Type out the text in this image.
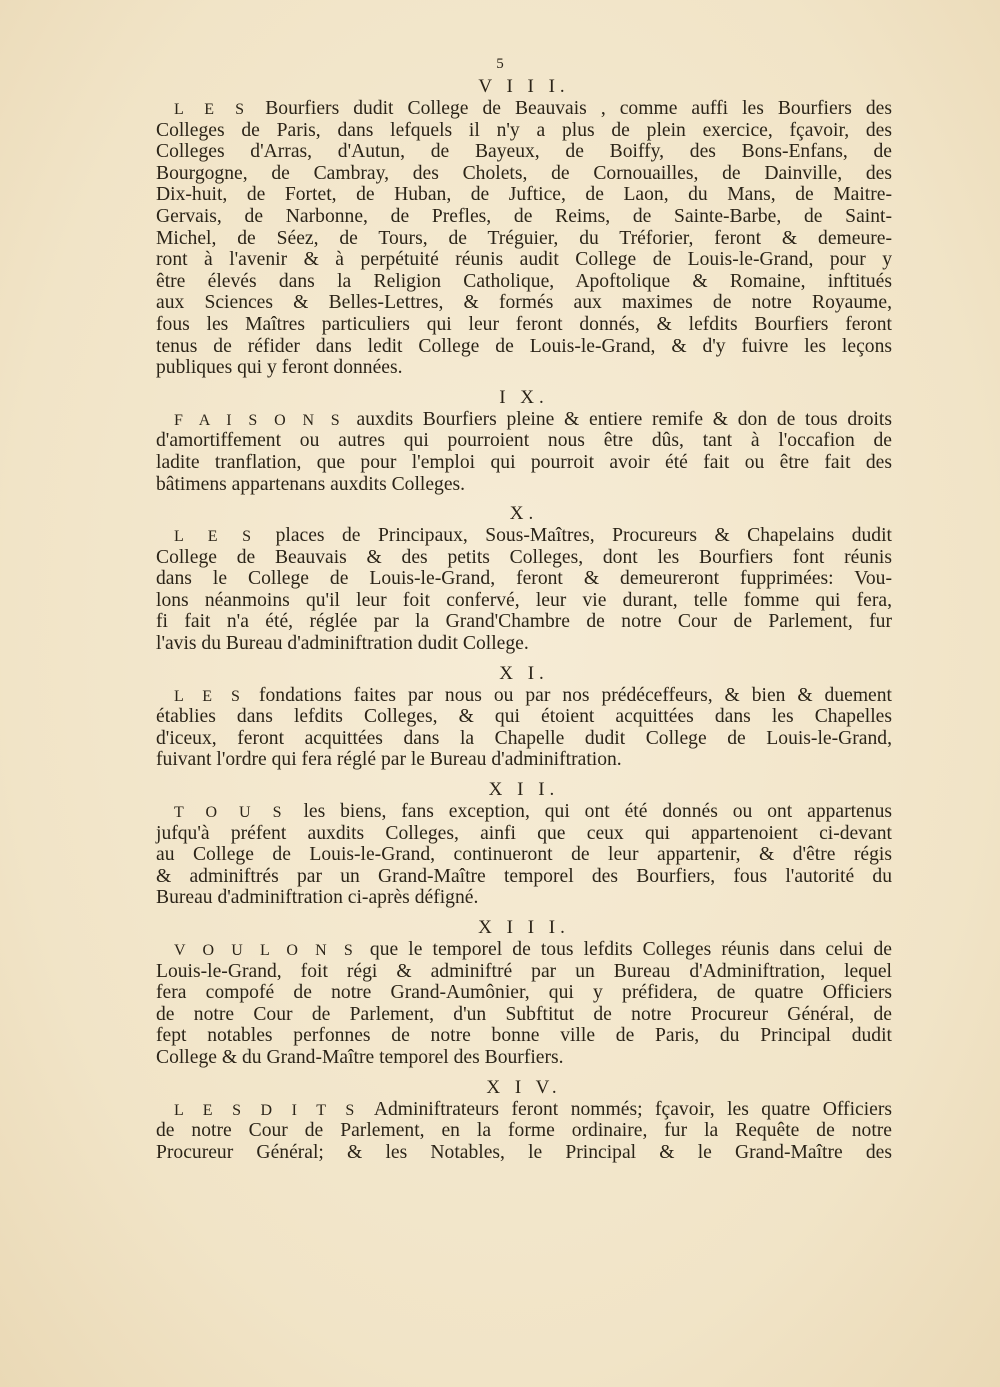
5
V I I I.
L E S Bourfiers dudit College de Beauvais , comme auffi les Bourfiers des
Colleges de Paris, dans lefquels il n'y a plus de plein exercice, fçavoir, des
Colleges d'Arras, d'Autun, de Bayeux, de Boiffy, des Bons-Enfans, de
Bourgogne, de Cambray, des Cholets, de Cornouailles, de Dainville, des
Dix-huit, de Fortet, de Huban, de Juftice, de Laon, du Mans, de Maitre-
Gervais, de Narbonne, de Prefles, de Reims, de Sainte-Barbe, de Saint-
Michel, de Séez, de Tours, de Tréguier, du Tréforier, feront & demeure-
ront à l'avenir & à perpétuité réunis audit College de Louis-le-Grand, pour y
être élevés dans la Religion Catholique, Apoftolique & Romaine, inftitués
aux Sciences & Belles-Lettres, & formés aux maximes de notre Royaume,
fous les Maîtres particuliers qui leur feront donnés, & lefdits Bourfiers feront
tenus de réfider dans ledit College de Louis-le-Grand, & d'y fuivre les leçons
publiques qui y feront données.
I X.
F A I S O N S auxdits Bourfiers pleine & entiere remife & don de tous droits
d'amortiffement ou autres qui pourroient nous être dûs, tant à l'occafion de
ladite tranflation, que pour l'emploi qui pourroit avoir été fait ou être fait des
bâtimens appartenans auxdits Colleges.
X.
L E S places de Principaux, Sous-Maîtres, Procureurs & Chapelains dudit
College de Beauvais & des petits Colleges, dont les Bourfiers font réunis
dans le College de Louis-le-Grand, feront & demeureront fupprimées: Vou-
lons néanmoins qu'il leur foit confervé, leur vie durant, telle fomme qui fera,
fi fait n'a été, réglée par la Grand'Chambre de notre Cour de Parlement, fur
l'avis du Bureau d'adminiftration dudit College.
X I.
L E S fondations faites par nous ou par nos prédéceffeurs, & bien & duement
établies dans lefdits Colleges, & qui étoient acquittées dans les Chapelles
d'iceux, feront acquittées dans la Chapelle dudit College de Louis-le-Grand,
fuivant l'ordre qui fera réglé par le Bureau d'adminiftration.
X I I.
T O U S les biens, fans exception, qui ont été donnés ou ont appartenus
jufqu'à préfent auxdits Colleges, ainfi que ceux qui appartenoient ci-devant
au College de Louis-le-Grand, continueront de leur appartenir, & d'être régis
& adminiftrés par un Grand-Maître temporel des Bourfiers, fous l'autorité du
Bureau d'adminiftration ci-après défigné.
X I I I.
V O U L O N S que le temporel de tous lefdits Colleges réunis dans celui de
Louis-le-Grand, foit régi & adminiftré par un Bureau d'Adminiftration, lequel
fera compofé de notre Grand-Aumônier, qui y préfidera, de quatre Officiers
de notre Cour de Parlement, d'un Subftitut de notre Procureur Général, de
fept notables perfonnes de notre bonne ville de Paris, du Principal dudit
College & du Grand-Maître temporel des Bourfiers.
X I V.
L E S D I T S Adminiftrateurs feront nommés; fçavoir, les quatre Officiers
de notre Cour de Parlement, en la forme ordinaire, fur la Requête de notre
Procureur Général; & les Notables, le Principal & le Grand-Maître des
